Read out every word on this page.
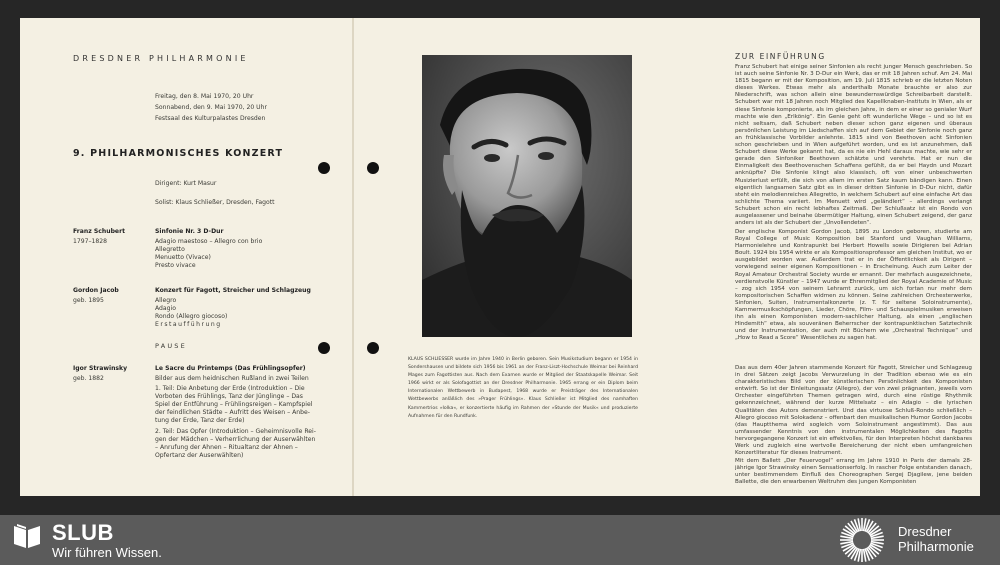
DRESDNER PHILHARMONIE
Freitag, den 8. Mai 1970, 20 Uhr
Sonnabend, den 9. Mai 1970, 20 Uhr
Festsaal des Kulturpalastes Dresden
9. PHILHARMONISCHES KONZERT
Dirigent: Kurt Masur
Solist: Klaus Schließer, Dresden, Fagott
Franz Schubert
1797–1828
Sinfonie Nr. 3 D-Dur
Adagio maestoso – Allegro con brio
Allegretto
Menuetto (Vivace)
Presto vivace
Gordon Jacob
geb. 1895
Konzert für Fagott, Streicher und Schlagzeug
Allegro
Adagio
Rondo (Allegro giocoso)
Erstaufführung
PAUSE
Igor Strawinsky
geb. 1882
Le Sacre du Printemps (Das Frühlingsopfer)
Bilder aus dem heidnischen Rußland in zwei Teilen
1. Teil: Die Anbetung der Erde (Introduktion – Die
Vorboten des Frühlings, Tanz der Jünglinge – Das
Spiel der Entführung – Frühlingsreigen – Kampfspiel
der feindlichen Städte – Aufritt des Weisen – Anbe-
tung der Erde, Tanz der Erde)
2. Teil: Das Opfer (Introduktion – Geheimnisvolle Rei-
gen der Mädchen – Verherrlichung der Auserwählten
– Anrufung der Ahnen – Ritualtanz der Ahnen –
Opfertanz der Auserwählten)
KLAUS SCHLIESSER wurde im Jahre 1940 in Berlin geboren. Sein Musikstudium begann er 1954 in Sondershausen und bildete sich 1956 bis 1961 an der Franz-Liszt-Hochschule Weimar bei Reinhard Mages zum Fagottisten aus. Nach dem Examen wurde er Mitglied der Staatskapelle Weimar. Seit 1966 wirkt er als Solofagottist an der Dresdner Philharmonie. 1965 errang er ein Diplom beim Internationalen Wettbewerb in Budapest, 1968 wurde er Preisträger des Internationalen Wettbewerbs anläßlich des »Prager Frühlings«. Klaus Schließer ist Mitglied des namhaften Kammertrios »Iolka«, er konzertierte häufig im Rahmen der »Stunde der Musik« und produzierte Aufnahmen für den Rundfunk.
ZUR EINFÜHRUNG
Franz Schubert hat einige seiner Sinfonien als recht junger Mensch geschrieben. So ist auch seine Sinfonie Nr. 3 D-Dur ein Werk, das er mit 18 Jahren schuf. Am 24. Mai 1815 begann er mit der Komposition, am 19. Juli 1815 schrieb er die letzten Noten dieses Werkes. Etwas mehr als anderthalb Monate brauchte er also zur Niederschrift, was schon allein eine bewundernswürdige Schreibarbeit darstellt. Schubert war mit 18 Jahren noch Mitglied des Kapellknaben-Instituts in Wien, als er diese Sinfonie komponierte, als im gleichen Jahre, in dem er einer so genialer Wurf machte wie den „Erlkönig“. Ein Genie geht oft wunderliche Wege – und so ist es nicht seltsam, daß Schubert neben dieser schon ganz eigenen und überaus persönlichen Leistung im Liedschaffen sich auf dem Gebiet der Sinfonie noch ganz an frühklassische Vorbilder anlehnte. 1815 sind von Beethoven acht Sinfonien schon geschrieben und in Wien aufgeführt worden, und es ist anzunehmen, daß Schubert diese Werke gekannt hat, da es nie ein Hehl daraus machte, wie sehr er gerade den Sinfoniker Beethoven schätzte und verehrte. Hat er nun die Einmaligkeit des Beethovenschen Schaffens gefühlt, da er bei Haydn und Mozart anknüpfte? Die Sinfonie klingt also klassisch, oft von einer unbeschwerten Musizierlust erfüllt, die sich von allem im ersten Satz kaum bändigen kann. Einen eigentlich langsamen Satz gibt es in dieser dritten Sinfonie in D-Dur nicht, dafür steht ein melodienreiches Allegretto, in welchem Schubert auf eine einfache Art das schlichte Thema variiert. Im Menuett wird „geländlert“ – allerdings verlangt Schubert schon ein recht lebhaftes Zeitmaß. Der Schlußsatz ist ein Rondo von ausgelassener und beinahe übermütiger Haltung, einen Schubert zeigend, der ganz anders ist als der Schubert der „Unvollendeten“.
Der englische Komponist Gordon Jacob, 1895 zu London geboren, studierte am Royal College of Music Komposition bei Stanford und Vaughan Williams, Harmonielehre und Kontrapunkt bei Herbert Howells sowie Dirigieren bei Adrian Boult. 1924 bis 1954 wirkte er als Kompositionsprofessor am gleichen Institut, wo er ausgebildet worden war. Außerdem trat er in der Öffentlichkeit als Dirigent – vorwiegend seiner eigenen Kompositionen – in Erscheinung. Auch zum Leiter der Royal Amateur Orchestral Society wurde er ernannt. Der mehrfach ausgezeichnete, verdienstvolle Künstler – 1947 wurde er Ehrenmitglied der Royal Academie of Music – zog sich 1954 von seinem Lehramt zurück, um sich fortan nur mehr dem kompositorischen Schaffen widmen zu können. Seine zahlreichen Orchesterwerke, Sinfonien, Suiten, Instrumentalkonzerte (z. T. für seltene Soloinstrumente), Kammermusikschöpfungen, Lieder, Chöre, Film- und Schauspielmusiken erweisen ihn als einen Komponisten modern-sachlicher Haltung, als einen „englischen Hindemith“ etwa, als souveränen Beherrscher der kontrapunktischen Satztechnik und der Instrumentation, der auch mit Büchern wie „Orchestral Technique“ und „How to Read a Score“ Wesentliches zu sagen hat.
Das aus dem 40er Jahren stammende Konzert für Fagott, Streicher und Schlagzeug in drei Sätzen zeigt Jacobs Verwurzelung in der Tradition ebenso wie es ein charakteristisches Bild von der künstlerischen Persönlichkeit des Komponisten entwirft. So ist der Einleitungssatz (Allegro), der von zwei prägnanten, jeweils vom Orchester eingeführten Themen getragen wird, durch eine rüstige Rhythmik gekennzeichnet, während der kurze Mittelsatz – ein Adagio – die lyrischen Qualitäten des Autors demonstriert. Und das virtuose Schluß-Rondo schließlich – Allegro giocoso mit Solokadenz – offenbart den musikalischen Humor Gordon Jacobs (das Hauptthema wird sogleich vom Soloinstrument angestimmt). Das aus umfassender Kenntnis von den instrumentalen Möglichkeiten des Fagotts hervorgegangene Konzert ist ein effektvolles, für den Interpreten höchst dankbares Werk und zugleich eine wertvolle Bereicherung der nicht eben umfangreichen Konzertliteratur für dieses Instrument.
Mit dem Ballett „Der Feuervogel“ errang im Jahre 1910 in Paris der damals 28-jährige Igor Strawinsky einen Sensationserfolg. In rascher Folge entstanden danach, unter bestimmendem Einfluß des Choreographen Sergej Djagilew, jene beiden Ballette, die den erwarbenen Weltruhm des jungen Komponisten
SLUB
Wir führen Wissen.
Dresdner
Philharmonie
